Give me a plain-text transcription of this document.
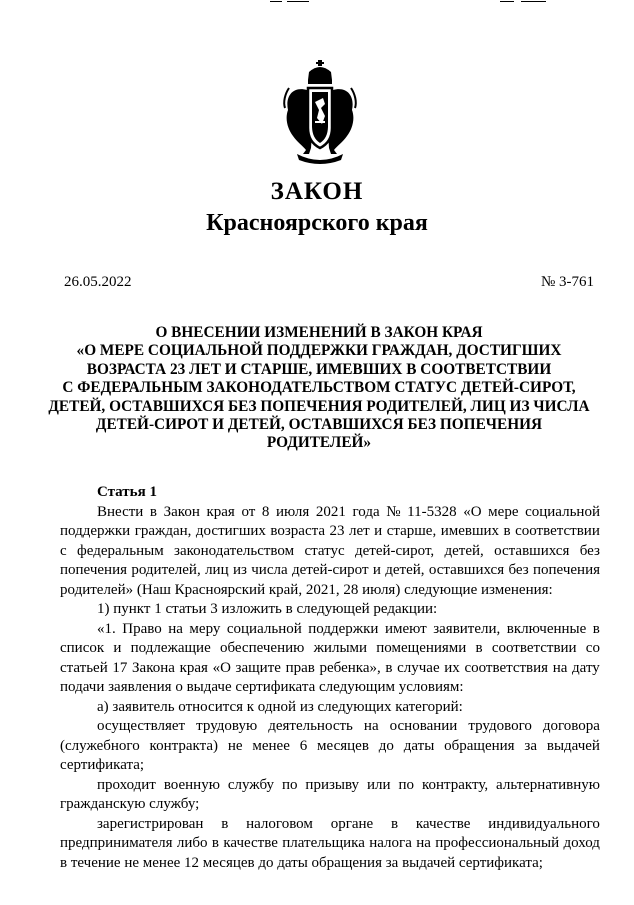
ЗАКОН
Красноярского края
26.05.2022	№ 3-761
О ВНЕСЕНИИ ИЗМЕНЕНИЙ В ЗАКОН КРАЯ
«О МЕРЕ СОЦИАЛЬНОЙ ПОДДЕРЖКИ ГРАЖДАН, ДОСТИГШИХ
ВОЗРАСТА 23 ЛЕТ И СТАРШЕ, ИМЕВШИХ В СООТВЕТСТВИИ
С ФЕДЕРАЛЬНЫМ ЗАКОНОДАТЕЛЬСТВОМ СТАТУС ДЕТЕЙ-СИРОТ,
ДЕТЕЙ, ОСТАВШИХСЯ БЕЗ ПОПЕЧЕНИЯ РОДИТЕЛЕЙ, ЛИЦ ИЗ ЧИСЛА
ДЕТЕЙ-СИРОТ И ДЕТЕЙ, ОСТАВШИХСЯ БЕЗ ПОПЕЧЕНИЯ
РОДИТЕЛЕЙ»
Статья 1
Внести в Закон края от 8 июля 2021 года № 11-5328 «О мере социальной
поддержки граждан, достигших возраста 23 лет и старше, имевших в соответствии
с федеральным законодательством статус детей-сирот, детей, оставшихся без
попечения родителей, лиц из числа детей-сирот и детей, оставшихся без попечения
родителей» (Наш Красноярский край, 2021, 28 июля) следующие изменения:
1) пункт 1 статьи 3 изложить в следующей редакции:
«1. Право на меру социальной поддержки имеют заявители, включенные в
список и подлежащие обеспечению жилыми помещениями в соответствии со
статьей 17 Закона края «О защите прав ребенка», в случае их соответствия на дату
подачи заявления о выдаче сертификата следующим условиям:
а) заявитель относится к одной из следующих категорий:
осуществляет трудовую деятельность на основании трудового договора
(служебного контракта) не менее 6 месяцев до даты обращения за выдачей
сертификата;
проходит военную службу по призыву или по контракту, альтернативную
гражданскую службу;
зарегистрирован в налоговом органе в качестве индивидуального
предпринимателя либо в качестве плательщика налога на профессиональный доход
в течение не менее 12 месяцев до даты обращения за выдачей сертификата;
